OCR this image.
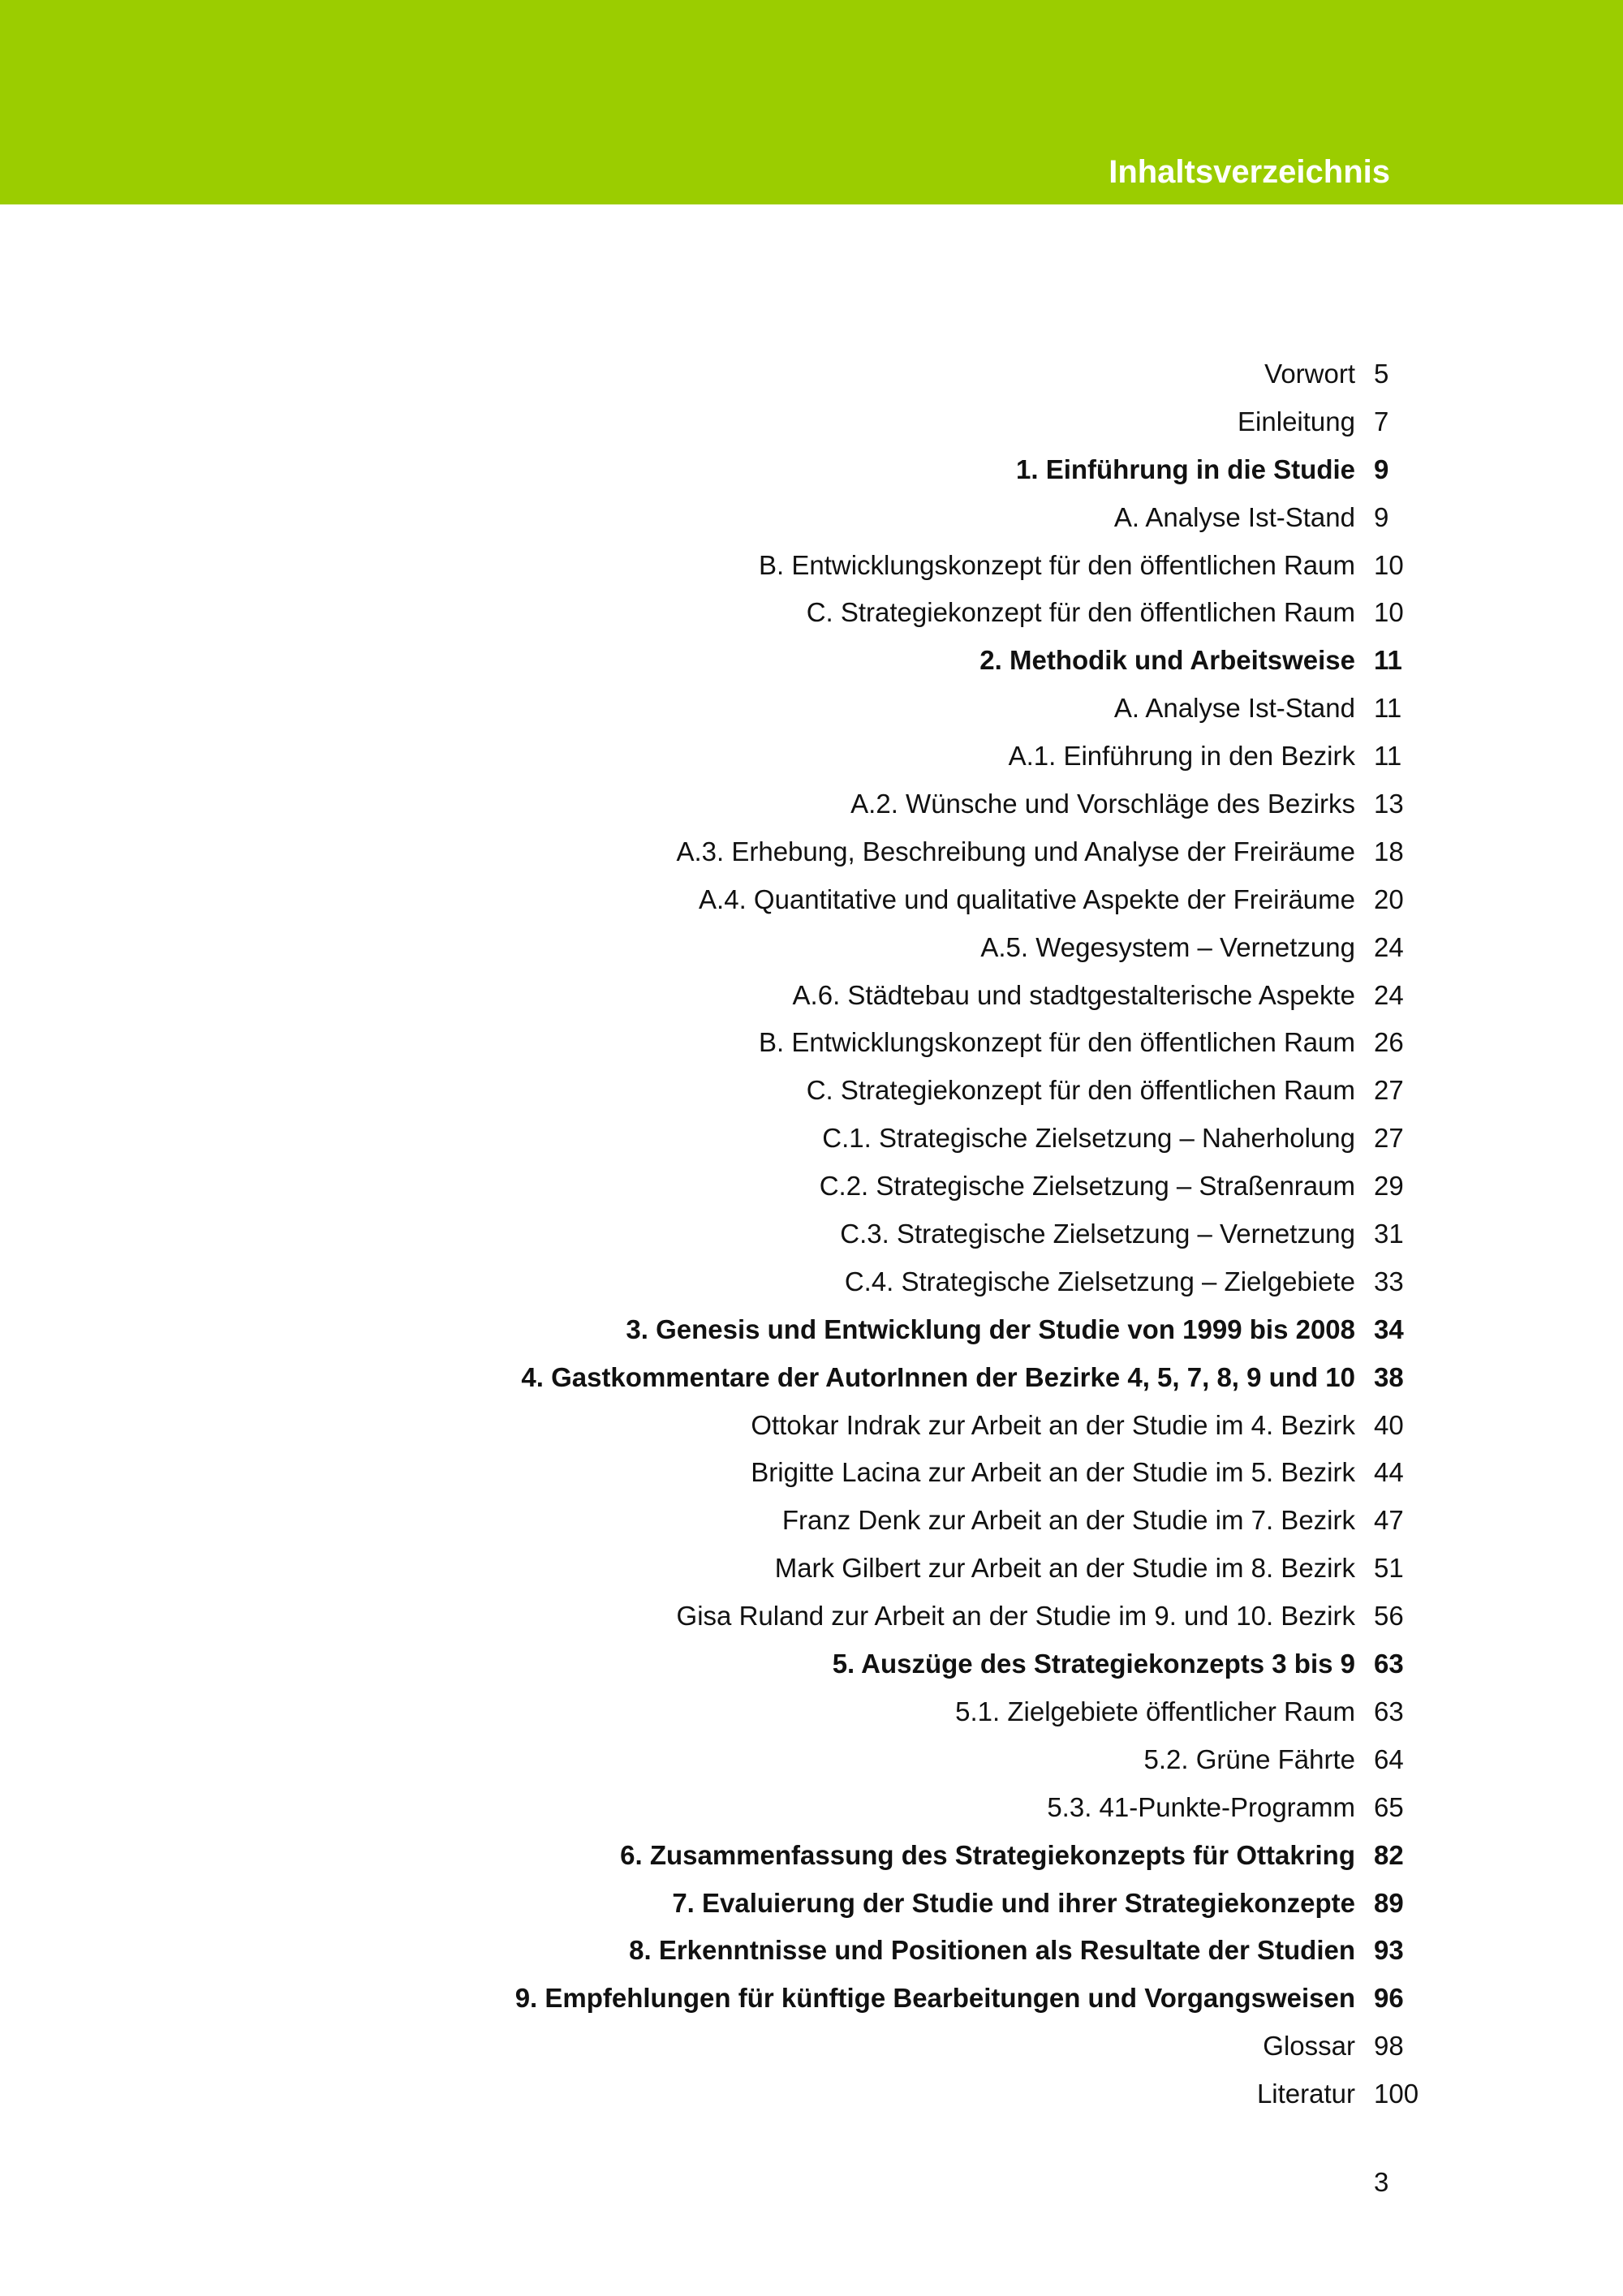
Inhaltsverzeichnis
Vorwort 5
Einleitung 7
1. Einführung in die Studie 9
A. Analyse Ist-Stand 9
B. Entwicklungskonzept für den öffentlichen Raum 10
C. Strategiekonzept für den öffentlichen Raum 10
2. Methodik und Arbeitsweise 11
A. Analyse Ist-Stand 11
A.1. Einführung in den Bezirk 11
A.2. Wünsche und Vorschläge des Bezirks 13
A.3. Erhebung, Beschreibung und Analyse der Freiräume 18
A.4. Quantitative und qualitative Aspekte der Freiräume 20
A.5. Wegesystem – Vernetzung 24
A.6. Städtebau und stadtgestalterische Aspekte 24
B. Entwicklungskonzept für den öffentlichen Raum 26
C. Strategiekonzept für den öffentlichen Raum 27
C.1. Strategische Zielsetzung – Naherholung 27
C.2. Strategische Zielsetzung – Straßenraum 29
C.3. Strategische Zielsetzung – Vernetzung 31
C.4. Strategische Zielsetzung – Zielgebiete 33
3. Genesis und Entwicklung der Studie von 1999 bis 2008 34
4. Gastkommentare der AutorInnen der Bezirke 4, 5, 7, 8, 9 und 10 38
Ottokar Indrak zur Arbeit an der Studie im 4. Bezirk 40
Brigitte Lacina zur Arbeit an der Studie im 5. Bezirk 44
Franz Denk zur Arbeit an der Studie im 7. Bezirk 47
Mark Gilbert zur Arbeit an der Studie im 8. Bezirk 51
Gisa Ruland zur Arbeit an der Studie im 9. und 10. Bezirk 56
5. Auszüge des Strategiekonzepts 3 bis 9 63
5.1. Zielgebiete öffentlicher Raum 63
5.2. Grüne Fährte 64
5.3. 41-Punkte-Programm 65
6. Zusammenfassung des Strategiekonzepts für Ottakring 82
7. Evaluierung der Studie und ihrer Strategiekonzepte 89
8. Erkenntnisse und Positionen als Resultate der Studien 93
9. Empfehlungen für künftige Bearbeitungen und Vorgangsweisen 96
Glossar 98
Literatur 100
3
